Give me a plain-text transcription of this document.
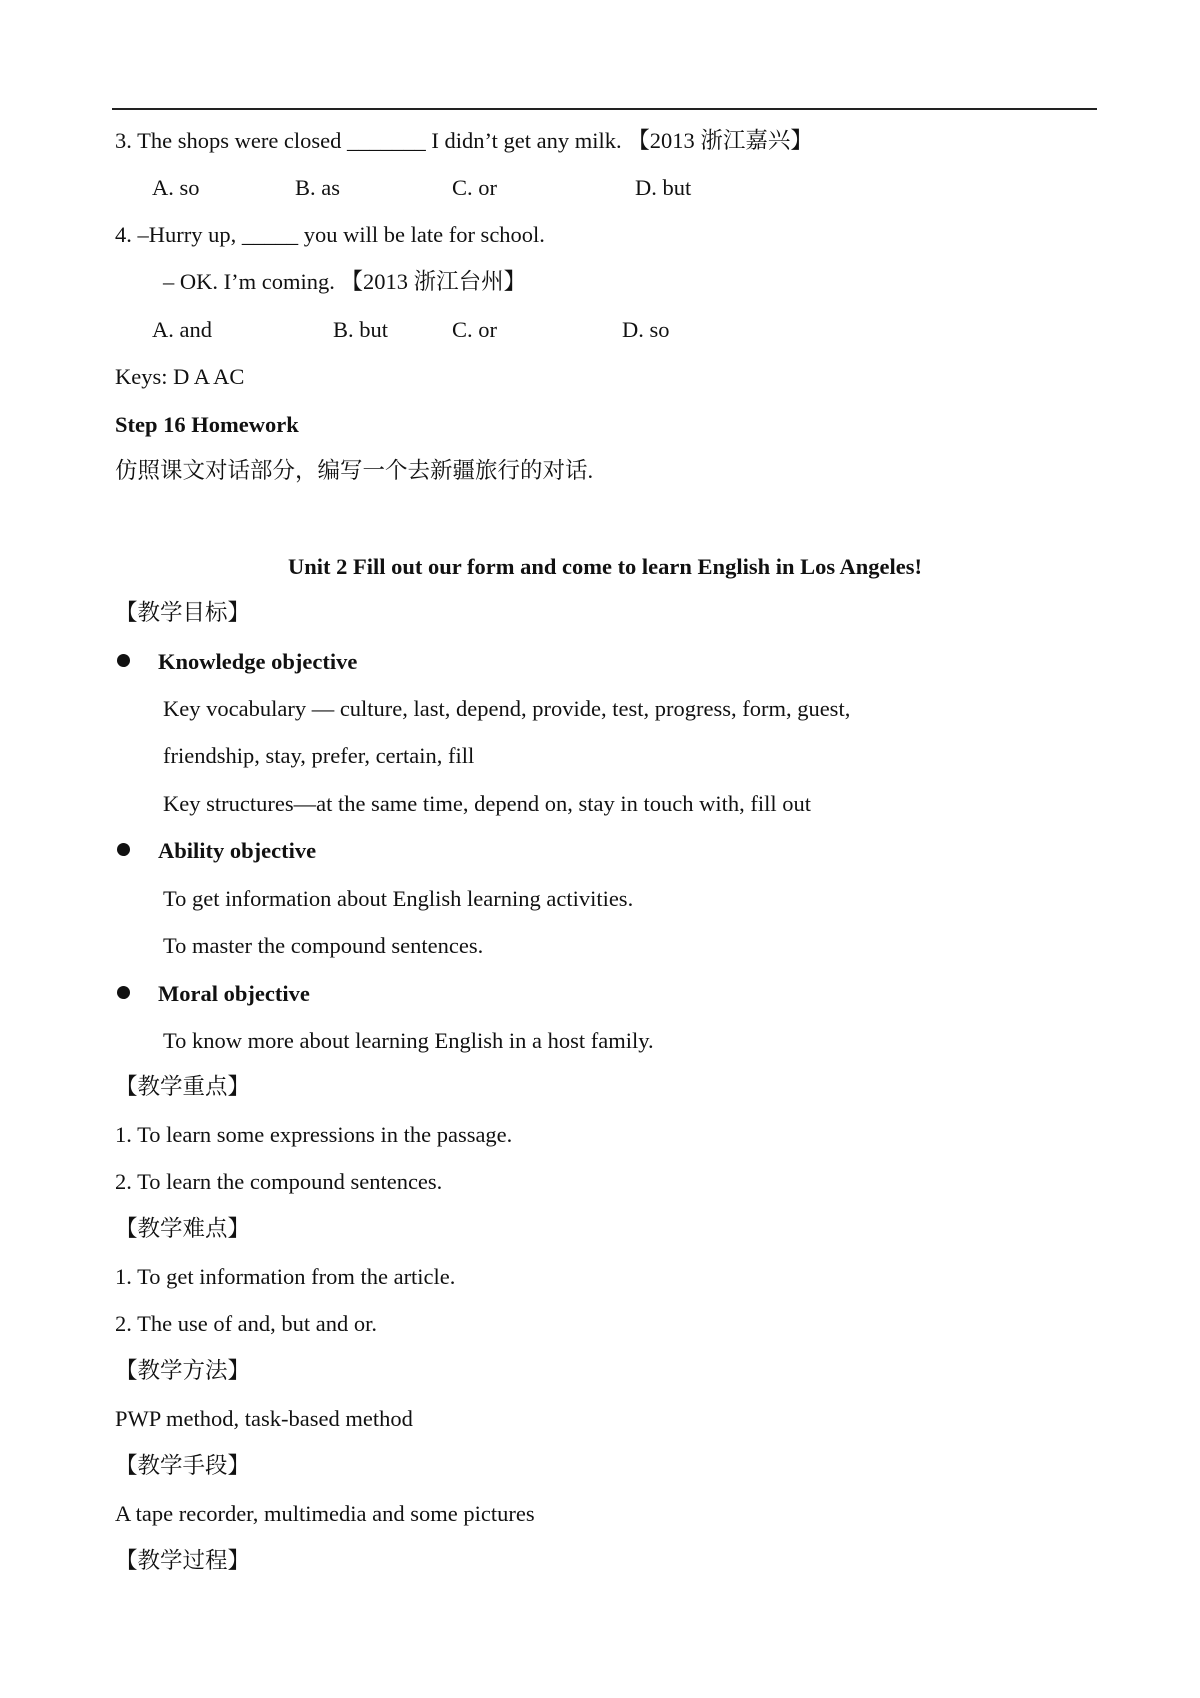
3. The shops were closed _______ I didn’t get any milk. 【2013 浙江嘉兴】
A. so	B. as	C. or	D. but
4. –Hurry up, _____ you will be late for school.
– OK. I’m coming. 【2013 浙江台州】
A. and	B. but	C. or	D. so
Keys: D A AC
Step 16 Homework
仿照课文对话部分，编写一个去新疆旅行的对话.
Unit 2 Fill out our form and come to learn English in Los Angeles!
【教学目标】
Knowledge objective
Key vocabulary — culture, last, depend, provide, test, progress, form, guest,
friendship, stay, prefer, certain, fill
Key structures—at the same time, depend on, stay in touch with, fill out
Ability objective
To get information about English learning activities.
To master the compound sentences.
Moral objective
To know more about learning English in a host family.
【教学重点】
1. To learn some expressions in the passage.
2. To learn the compound sentences.
【教学难点】
1. To get information from the article.
2. The use of and, but and or.
【教学方法】
PWP method, task-based method
【教学手段】
A tape recorder, multimedia and some pictures
【教学过程】
